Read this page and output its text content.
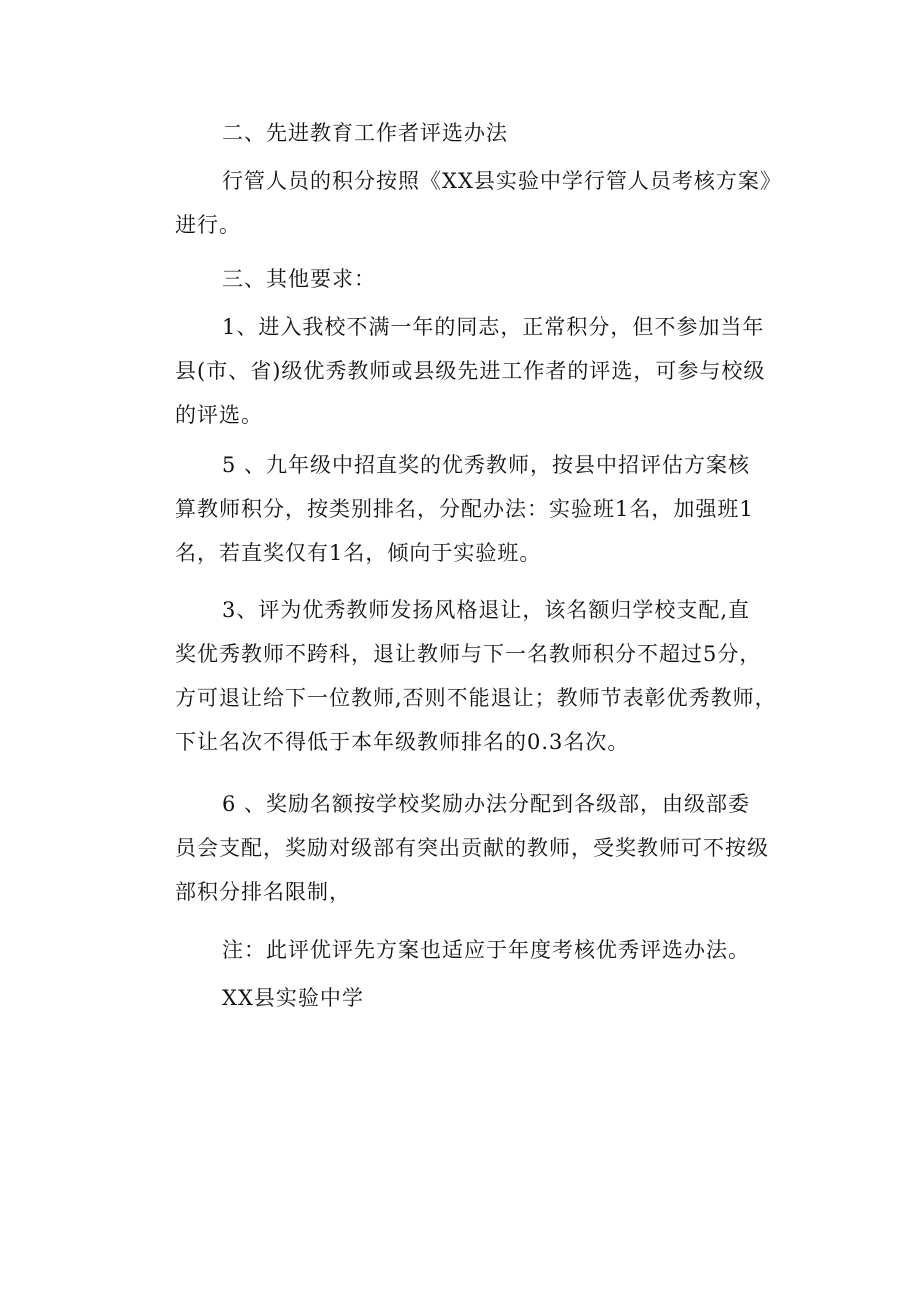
二、先进教育工作者评选办法
行管人员的积分按照《XX县实验中学行管人员考核方案》
进行。
三、其他要求：
1、进入我校不满一年的同志，正常积分，但不参加当年
县(市、省)级优秀教师或县级先进工作者的评选，可参与校级
的评选。
5 、九年级中招直奖的优秀教师，按县中招评估方案核
算教师积分，按类别排名，分配办法：实验班1名，加强班1
名，若直奖仅有1名，倾向于实验班。
3、评为优秀教师发扬风格退让，该名额归学校支配,直
奖优秀教师不跨科，退让教师与下一名教师积分不超过5分，
方可退让给下一位教师,否则不能退让；教师节表彰优秀教师，
下让名次不得低于本年级教师排名的0.3名次。
6 、奖励名额按学校奖励办法分配到各级部，由级部委
员会支配，奖励对级部有突出贡献的教师，受奖教师可不按级
部积分排名限制，
注：此评优评先方案也适应于年度考核优秀评选办法。
XX县实验中学
